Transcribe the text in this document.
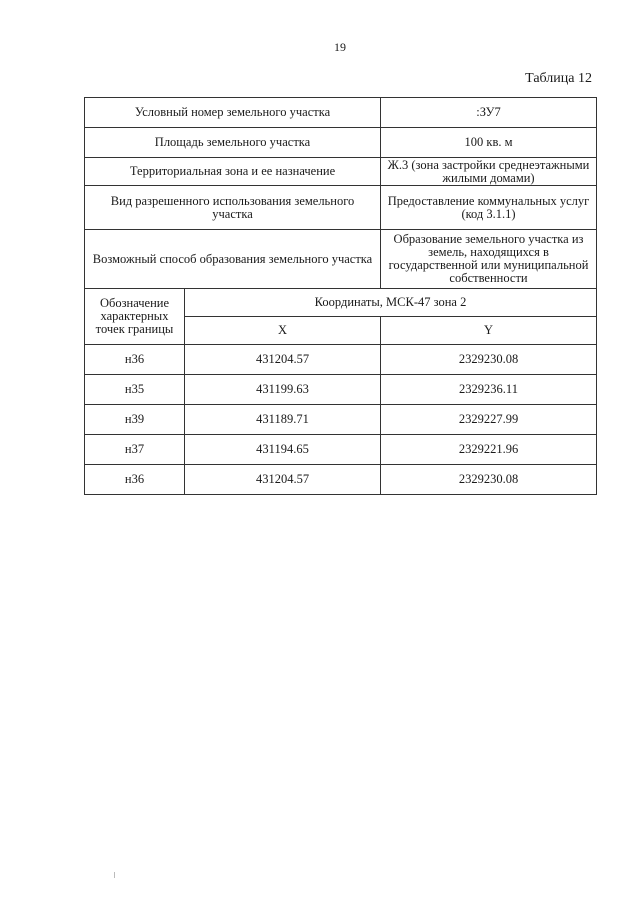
19
Таблица 12
Условный номер земельного участка		:ЗУ7
Площадь земельного участка		100 кв. м
Территориальная зона и ее назначение		Ж.3 (зона застройки среднеэтажными жилыми домами)
Вид разрешенного использования земельного участка		Предоставление коммунальных услуг (код 3.1.1)
Возможный способ образования земельного участка		Образование земельного участка из земель, находящихся в государственной или муниципальной собственности
Обозначение характерных точек границы	Координаты, МСК-47 зона 2	
	X	Y
н36	431204.57	2329230.08
н35	431199.63	2329236.11
н39	431189.71	2329227.99
н37	431194.65	2329221.96
н36	431204.57	2329230.08
